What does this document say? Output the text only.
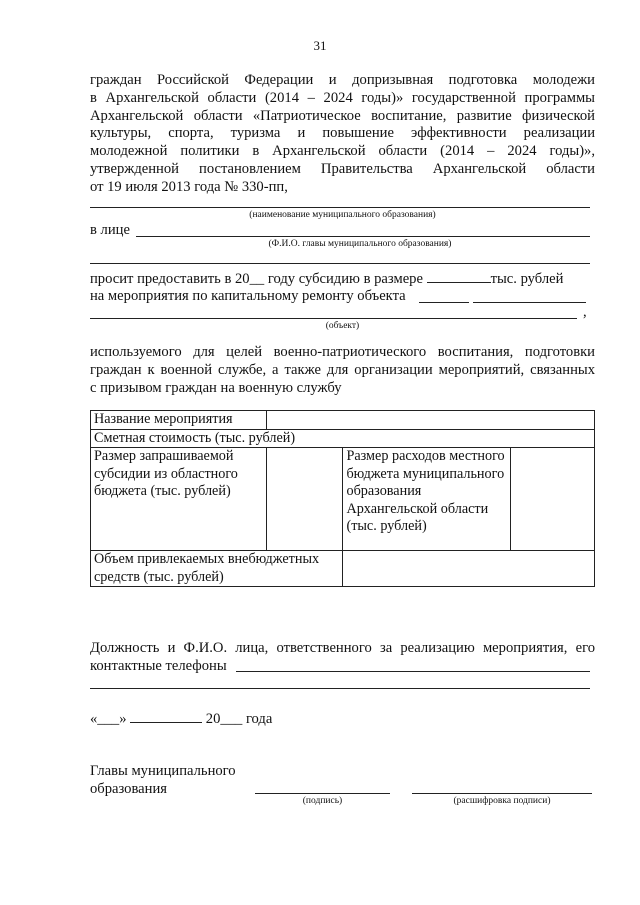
31
граждан Российской Федерации и допризывная подготовка молодежи
в Архангельской области (2014 – 2024 годы)» государственной программы
Архангельской области «Патриотическое воспитание, развитие физической
культуры, спорта, туризма и повышение эффективности реализации
молодежной политики в Архангельской области (2014 – 2024 годы)»,
утвержденной постановлением Правительства Архангельской области
от 19 июля 2013 года № 330-пп,
(наименование муниципального образования)
в лице
(Ф.И.О. главы муниципального образования)
просит предоставить в 20__ году субсидию в размере	тыс. рублей
на мероприятия по капитальному ремонту объекта
,
(объект)
используемого для целей военно-патриотического воспитания, подготовки
граждан к военной службе, а также для организации мероприятий, связанных
с призывом граждан на военную службу
Название мероприятия			
Сметная стоимость (тыс. рублей)			
Размер запрашиваемой субсидии из областного бюджета (тыс. рублей)		Размер расходов местного бюджета муниципального образования Архангельской области (тыс. рублей)	
Объем привлекаемых внебюджетных средств (тыс. рублей)			
Должность и Ф.И.О. лица, ответственного за реализацию мероприятия, его
контактные телефоны
«___»	20___ года
Главы муниципального
образования
(подпись)	(расшифровка подписи)
